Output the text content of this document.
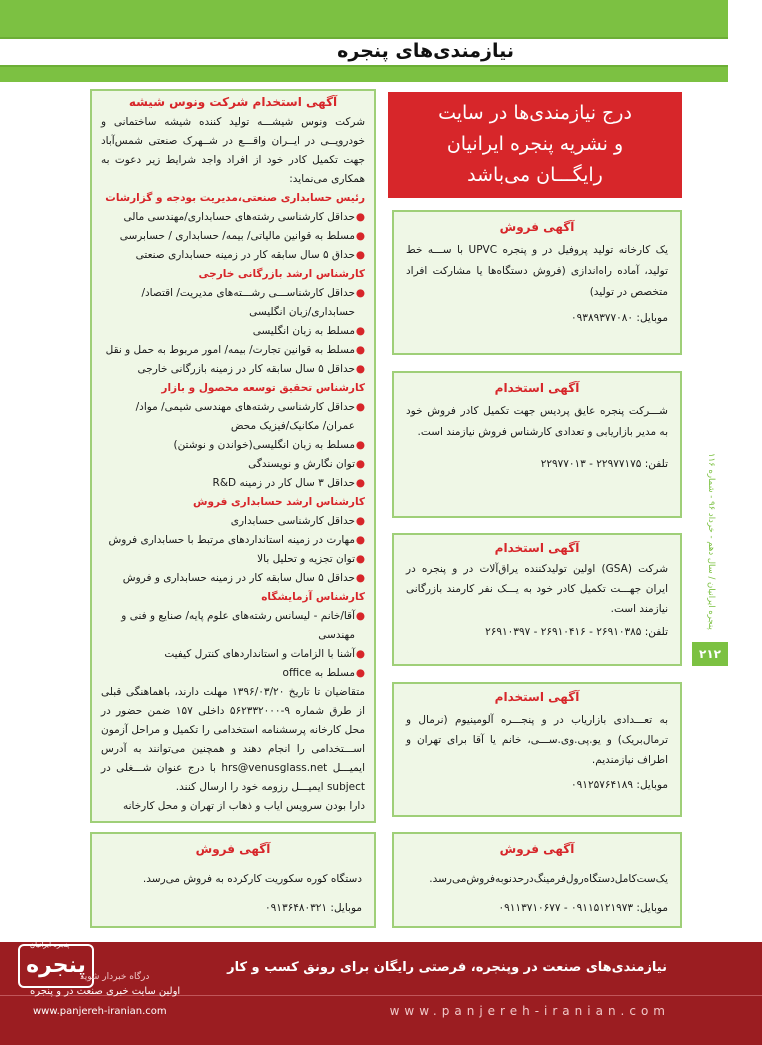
نیازمندی‌های پنجره
پنجره ایرانیان / سال دهم - خرداد ۹۶ - شماره ۱۱۶
۲۱۲
درج نیازمندی‌ها در سایت
و نشریه پنجره ایرانیان
رایگـــان می‌باشد
آگهی استخدام شرکت ونوس شیشه
شرکت ونوس شیشـــه تولید کننده شیشه ساختمانی و خودرویــی در ایــران واقـــع در شــهرک صنعتی شمس‌آباد جهت تکمیل کادر خود از افراد واجد شرایط زیر دعوت به همکاری می‌نماید:
رئیس حسابداری صنعتی،مدیریت بودجه و گزارشات
●
حداقل کارشناسی رشته‌های حسابداری/مهندسی مالی
●
مسلط به قوانین مالیاتی/ بیمه/ حسابداری / حسابرسی
●
حداق ۵ سال سابقه کار در زمینه حسابداری صنعتی
کارشناس ارشد بازرگانی خارجی
●
حداقل کارشناســـی رشـــته‌های مدیریت/ اقتصاد/ حسابداری/زبان انگلیسی
●
مسلط به زبان انگلیسی
●
مسلط به قوانین تجارت/ بیمه/ امور مربوط به حمل و نقل
●
حداقل ۵ سال سابقه کار در زمینه بازرگانی خارجی
کارشناس تحقیق توسعه محصول و بازار
●
حداقل کارشناسی رشته‌های مهندسی شیمی/ مواد/ عمران/ مکانیک/فیزیک محض
●
مسلط به زبان انگلیسی(خواندن و نوشتن)
●
توان نگارش و نویسندگی
●
حداقل ۳ سال کار در زمینه R&D
کارشناس ارشد حسابداری فروش
●
حداقل کارشناسی حسابداری
●
مهارت در زمینه استانداردهای مرتبط با حسابداری فروش
●
توان تجزیه و تحلیل بالا
●
حداقل ۵ سال سابقه کار در زمینه حسابداری و فروش
کارشناس آزمایشگاه
●
آقا/خانم - لیسانس رشته‌های علوم پایه/ صنایع و فنی و مهندسی
●
آشنا با الزامات و استانداردهای کنترل کیفیت
●
مسلط به office
متقاضیان تا تاریخ ۱۳۹۶/۰۳/۲۰ مهلت دارند، باهماهنگی قبلی از طرق شماره ۹-۵۶۲۳۳۲۰۰۰ داخلی ۱۵۷ ضمن حضور در محل کارخانه پرسشنامه استخدامی را تکمیل و مراحل آزمون اســـتخدامی را انجام دهند و همچنین می‌توانند به آدرس ایمیـــل hrs@venusglass.net با درج عنوان شـــغلی در subject ایمیـــل رزومه خود را ارسال کنند.
دارا بودن سرویس ایاب و ذهاب از تهران و محل کارخانه
آگهی فروش
یک کارخانه تولید پروفیل در و پنجره UPVC با ســـه خط تولید، آماده راه‌اندازی (فروش دستگاه‌ها یا مشارکت افراد متخصص در تولید)
موبایل: ۰۹۳۸۹۳۷۷۰۸۰
آگهی استخدام
شـــرکت پنجره عایق پردیس جهت تکمیل کادر فروش خود به مدیر بازاریابی و تعدادی کارشناس فروش نیازمند است.
تلفن: ۲۲۹۷۷۱۷۵ - ۲۲۹۷۷۰۱۳
آگهی استخدام
شرکت (GSA) اولین تولیدکننده یراق‌آلات در و پنجره در ایران جهـــت تکمیل کادر خود به یـــک نفر کارمند بازرگانی نیازمند است.
تلفن: ۲۶۹۱۰۳۸۵ - ۲۶۹۱۰۴۱۶ - ۲۶۹۱۰۳۹۷
آگهی استخدام
به تعـــدادی بازاریاب در و پنجـــره آلومینیوم (نرمال و ترمال‌بریک) و یو.پی.وی.ســـی، خانم یا آقا برای تهران و اطراف نیازمندیم.
موبایل: ۰۹۱۲۵۷۶۴۱۸۹
آگهی فروش
دستگاه کوره سکوریت کارکرده به فروش می‌رسد.
موبایل: ۰۹۱۳۶۴۸۰۳۲۱
آگهی فروش
یک‌ست‌کامل‌دستگاه‌رول‌فرمینگ‌درحدنوبه‌فروش‌می‌رسد.
موبایل: ۰۹۱۱۵۱۲۱۹۷۳ - ۰۹۱۱۳۷۱۰۶۷۷
نیازمندی‌های صنعت در وپنجره، فرصتی رایگان برای رونق کسب و کار
www.panjereh-iranian.com
www.panjereh-iranian.com
پنجره ایرانیان
پنجره
درگاه خبردار شوید
اولین سایت خبری صنعت در و پنجره
